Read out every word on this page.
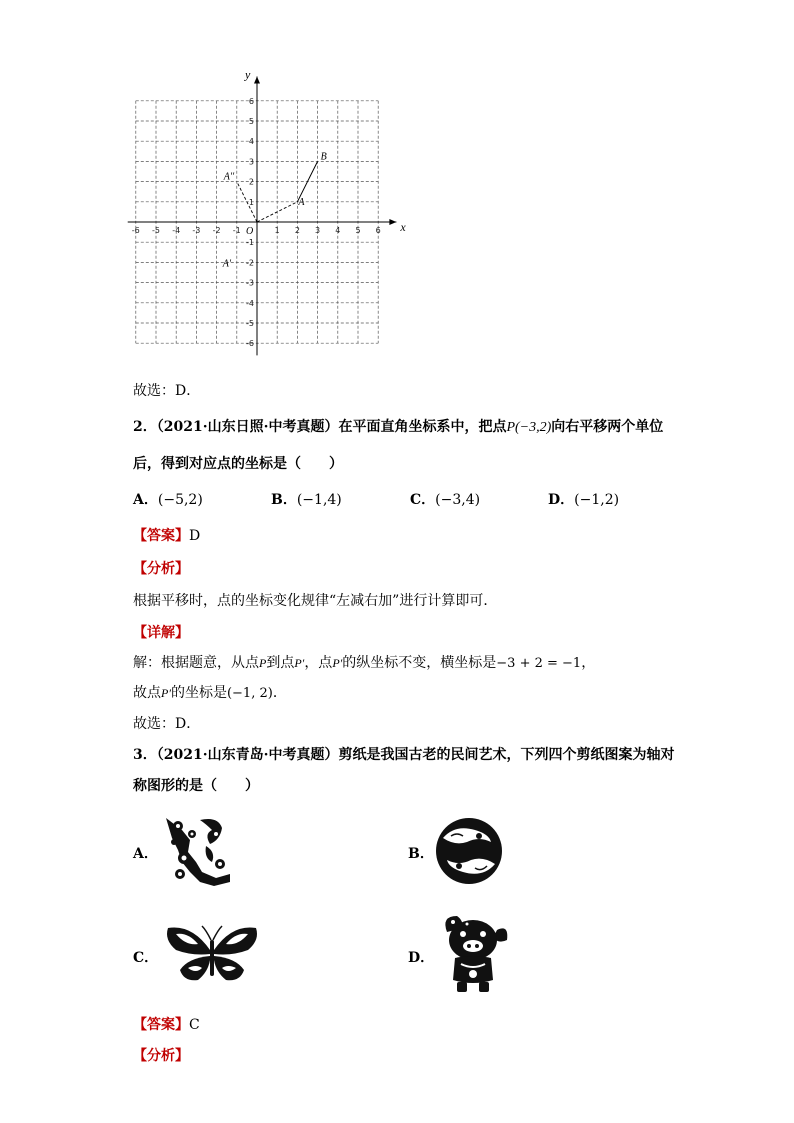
x
y
O
-6 -5 -4 -3 -2 -1	1 2 3 4 5 6
6
5
4
3
2
1
-1
-2
-3
-4
-5
-6
A
B
A''
A'
故选：D．
2．（2021·山东日照·中考真题）在平面直角坐标系中，把点P(−3,2)向右平移两个单位
后，得到对应点的坐标是（　　）
A．(−5,2)	B．(−1,4)	C．(−3,4)	D．(−1,2)
【答案】D
【分析】
根据平移时，点的坐标变化规律“左减右加”进行计算即可．
【详解】
解：根据题意，从点P到点P′，点P′的纵坐标不变，横坐标是−3 + 2 = −1，
故点P′的坐标是(−1, 2)．
故选：D．
3．（2021·山东青岛·中考真题）剪纸是我国古老的民间艺术，下列四个剪纸图案为轴对
称图形的是（　　）
A．	B．
C．	D．
【答案】C
【分析】
